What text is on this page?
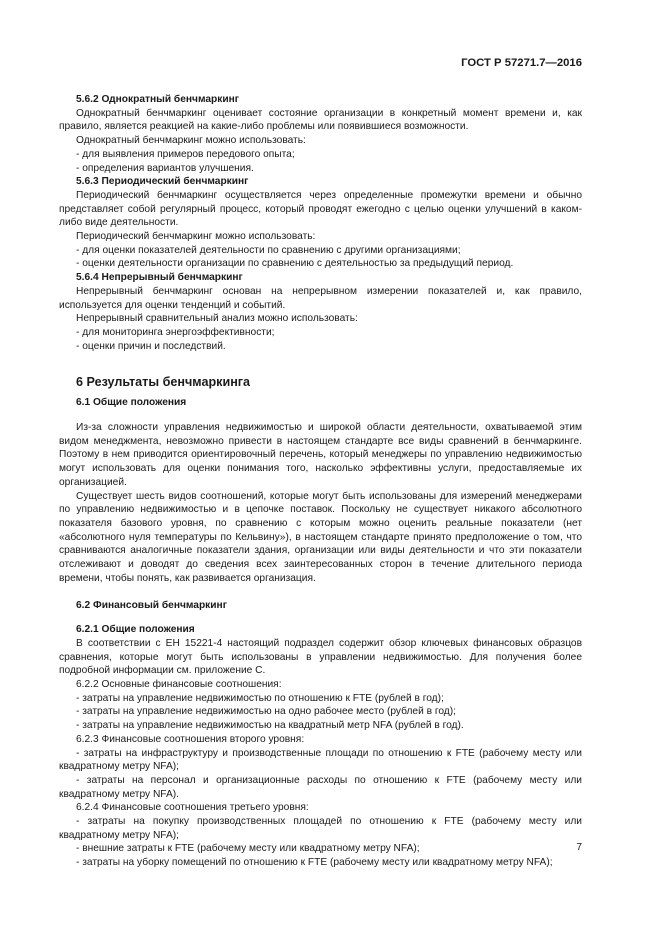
ГОСТ Р 57271.7—2016

5.6.2 Однократный бенчмаркинг

Однократный бенчмаркинг оценивает состояние организации в конкретный момент времени и, как правило, является реакцией на какие-либо проблемы или появившиеся возможности.

Однократный бенчмаркинг можно использовать:

- для выявления примеров передового опыта;

- определения вариантов улучшения.

5.6.3 Периодический бенчмаркинг

Периодический бенчмаркинг осуществляется через определенные промежутки времени и обычно представляет собой регулярный процесс, который проводят ежегодно с целью оценки улучшений в каком-либо виде деятельности.

Периодический бенчмаркинг можно использовать:

- для оценки показателей деятельности по сравнению с другими организациями;

- оценки деятельности организации по сравнению с деятельностью за предыдущий период.

5.6.4 Непрерывный бенчмаркинг

Непрерывный бенчмаркинг основан на непрерывном измерении показателей и, как правило, используется для оценки тенденций и событий.

Непрерывный сравнительный анализ можно использовать:

- для мониторинга энергоэффективности;

- оценки причин и последствий.

6 Результаты бенчмаркинга

6.1 Общие положения

Из-за сложности управления недвижимостью и широкой области деятельности, охватываемой этим видом менеджмента, невозможно привести в настоящем стандарте все виды сравнений в бенчмаркинге. Поэтому в нем приводится ориентировочный перечень, который менеджеры по управлению недвижимостью могут использовать для оценки понимания того, насколько эффективны услуги, предоставляемые их организацией.

Существует шесть видов соотношений, которые могут быть использованы для измерений менеджерами по управлению недвижимостью и в цепочке поставок. Поскольку не существует никакого абсолютного показателя базового уровня, по сравнению с которым можно оценить реальные показатели (нет «абсолютного нуля температуры по Кельвину»), в настоящем стандарте принято предположение о том, что сравниваются аналогичные показатели здания, организации или виды деятельности и что эти показатели отслеживают и доводят до сведения всех заинтересованных сторон в течение длительного периода времени, чтобы понять, как развивается организация.

6.2 Финансовый бенчмаркинг

6.2.1 Общие положения

В соответствии с ЕН 15221-4 настоящий подраздел содержит обзор ключевых финансовых образцов сравнения, которые могут быть использованы в управлении недвижимостью. Для получения более подробной информации см. приложение С.

6.2.2 Основные финансовые соотношения:

- затраты на управление недвижимостью по отношению к FTE (рублей в год);

- затраты на управление недвижимостью на одно рабочее место (рублей в год);

- затраты на управление недвижимостью на квадратный метр NFA (рублей в год).

6.2.3 Финансовые соотношения второго уровня:

- затраты на инфраструктуру и производственные площади по отношению к FTE (рабочему месту или квадратному метру NFA);

- затраты на персонал и организационные расходы по отношению к FTE (рабочему месту или квадратному метру NFA).

6.2.4 Финансовые соотношения третьего уровня:

- затраты на покупку производственных площадей по отношению к FTE (рабочему месту или квадратному метру NFA);

- внешние затраты к FTE (рабочему месту или квадратному метру NFA);

- затраты на уборку помещений по отношению к FTE (рабочему месту или квадратному метру NFA);

7
